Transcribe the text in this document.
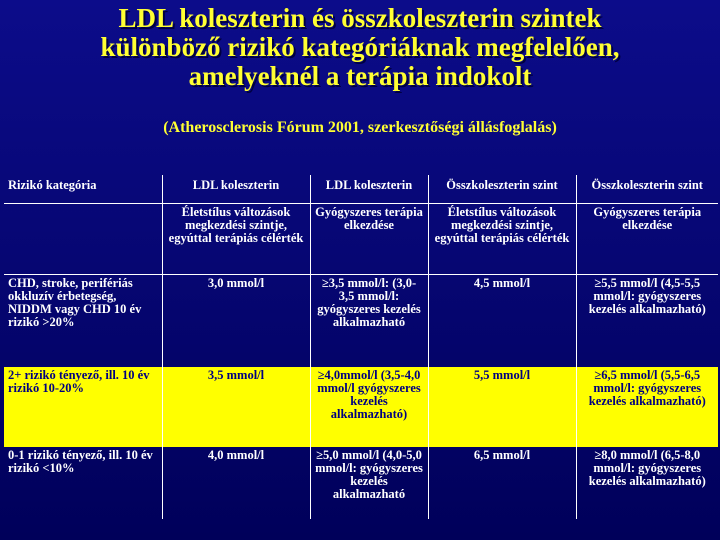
LDL koleszterin és összkoleszterin szintek
különböző rizikó kategóriáknak megfelelően,
amelyeknél a terápia indokolt
(Atherosclerosis Fórum 2001, szerkesztőségi állásfoglalás)
Rizikó kategória	LDL koleszterin	LDL koleszterin	Összkoleszterin szint	Összkoleszterin szint
	Életstílus változások megkezdési szintje, egyúttal terápiás célérték	Gyógyszeres terápia elkezdése	Életstílus változások megkezdési szintje, egyúttal terápiás célérték	Gyógyszeres terápia elkezdése
CHD, stroke, perifériás okkluzív érbetegség, NIDDM vagy CHD 10 év rizikó >20%	3,0 mmol/l	≥3,5 mmol/l: (3,0-3,5 mmol/l: gyógyszeres kezelés alkalmazható	4,5 mmol/l	≥5,5 mmol/l (4,5-5,5 mmol/l: gyógyszeres kezelés alkalmazható)
2+ rizikó tényező, ill. 10 év rizikó 10-20%	3,5 mmol/l	≥4,0mmol/l (3,5-4,0 mmol/l gyógyszeres kezelés alkalmazható)	5,5 mmol/l	≥6,5 mmol/l (5,5-6,5 mmol/l: gyógyszeres kezelés alkalmazható)
0-1 rizikó tényező, ill. 10 év rizikó <10%	4,0 mmol/l	≥5,0 mmol/l (4,0-5,0 mmol/l: gyógyszeres kezelés alkalmazható	6,5 mmol/l	≥8,0 mmol/l (6,5-8,0 mmol/l: gyógyszeres kezelés alkalmazható)
